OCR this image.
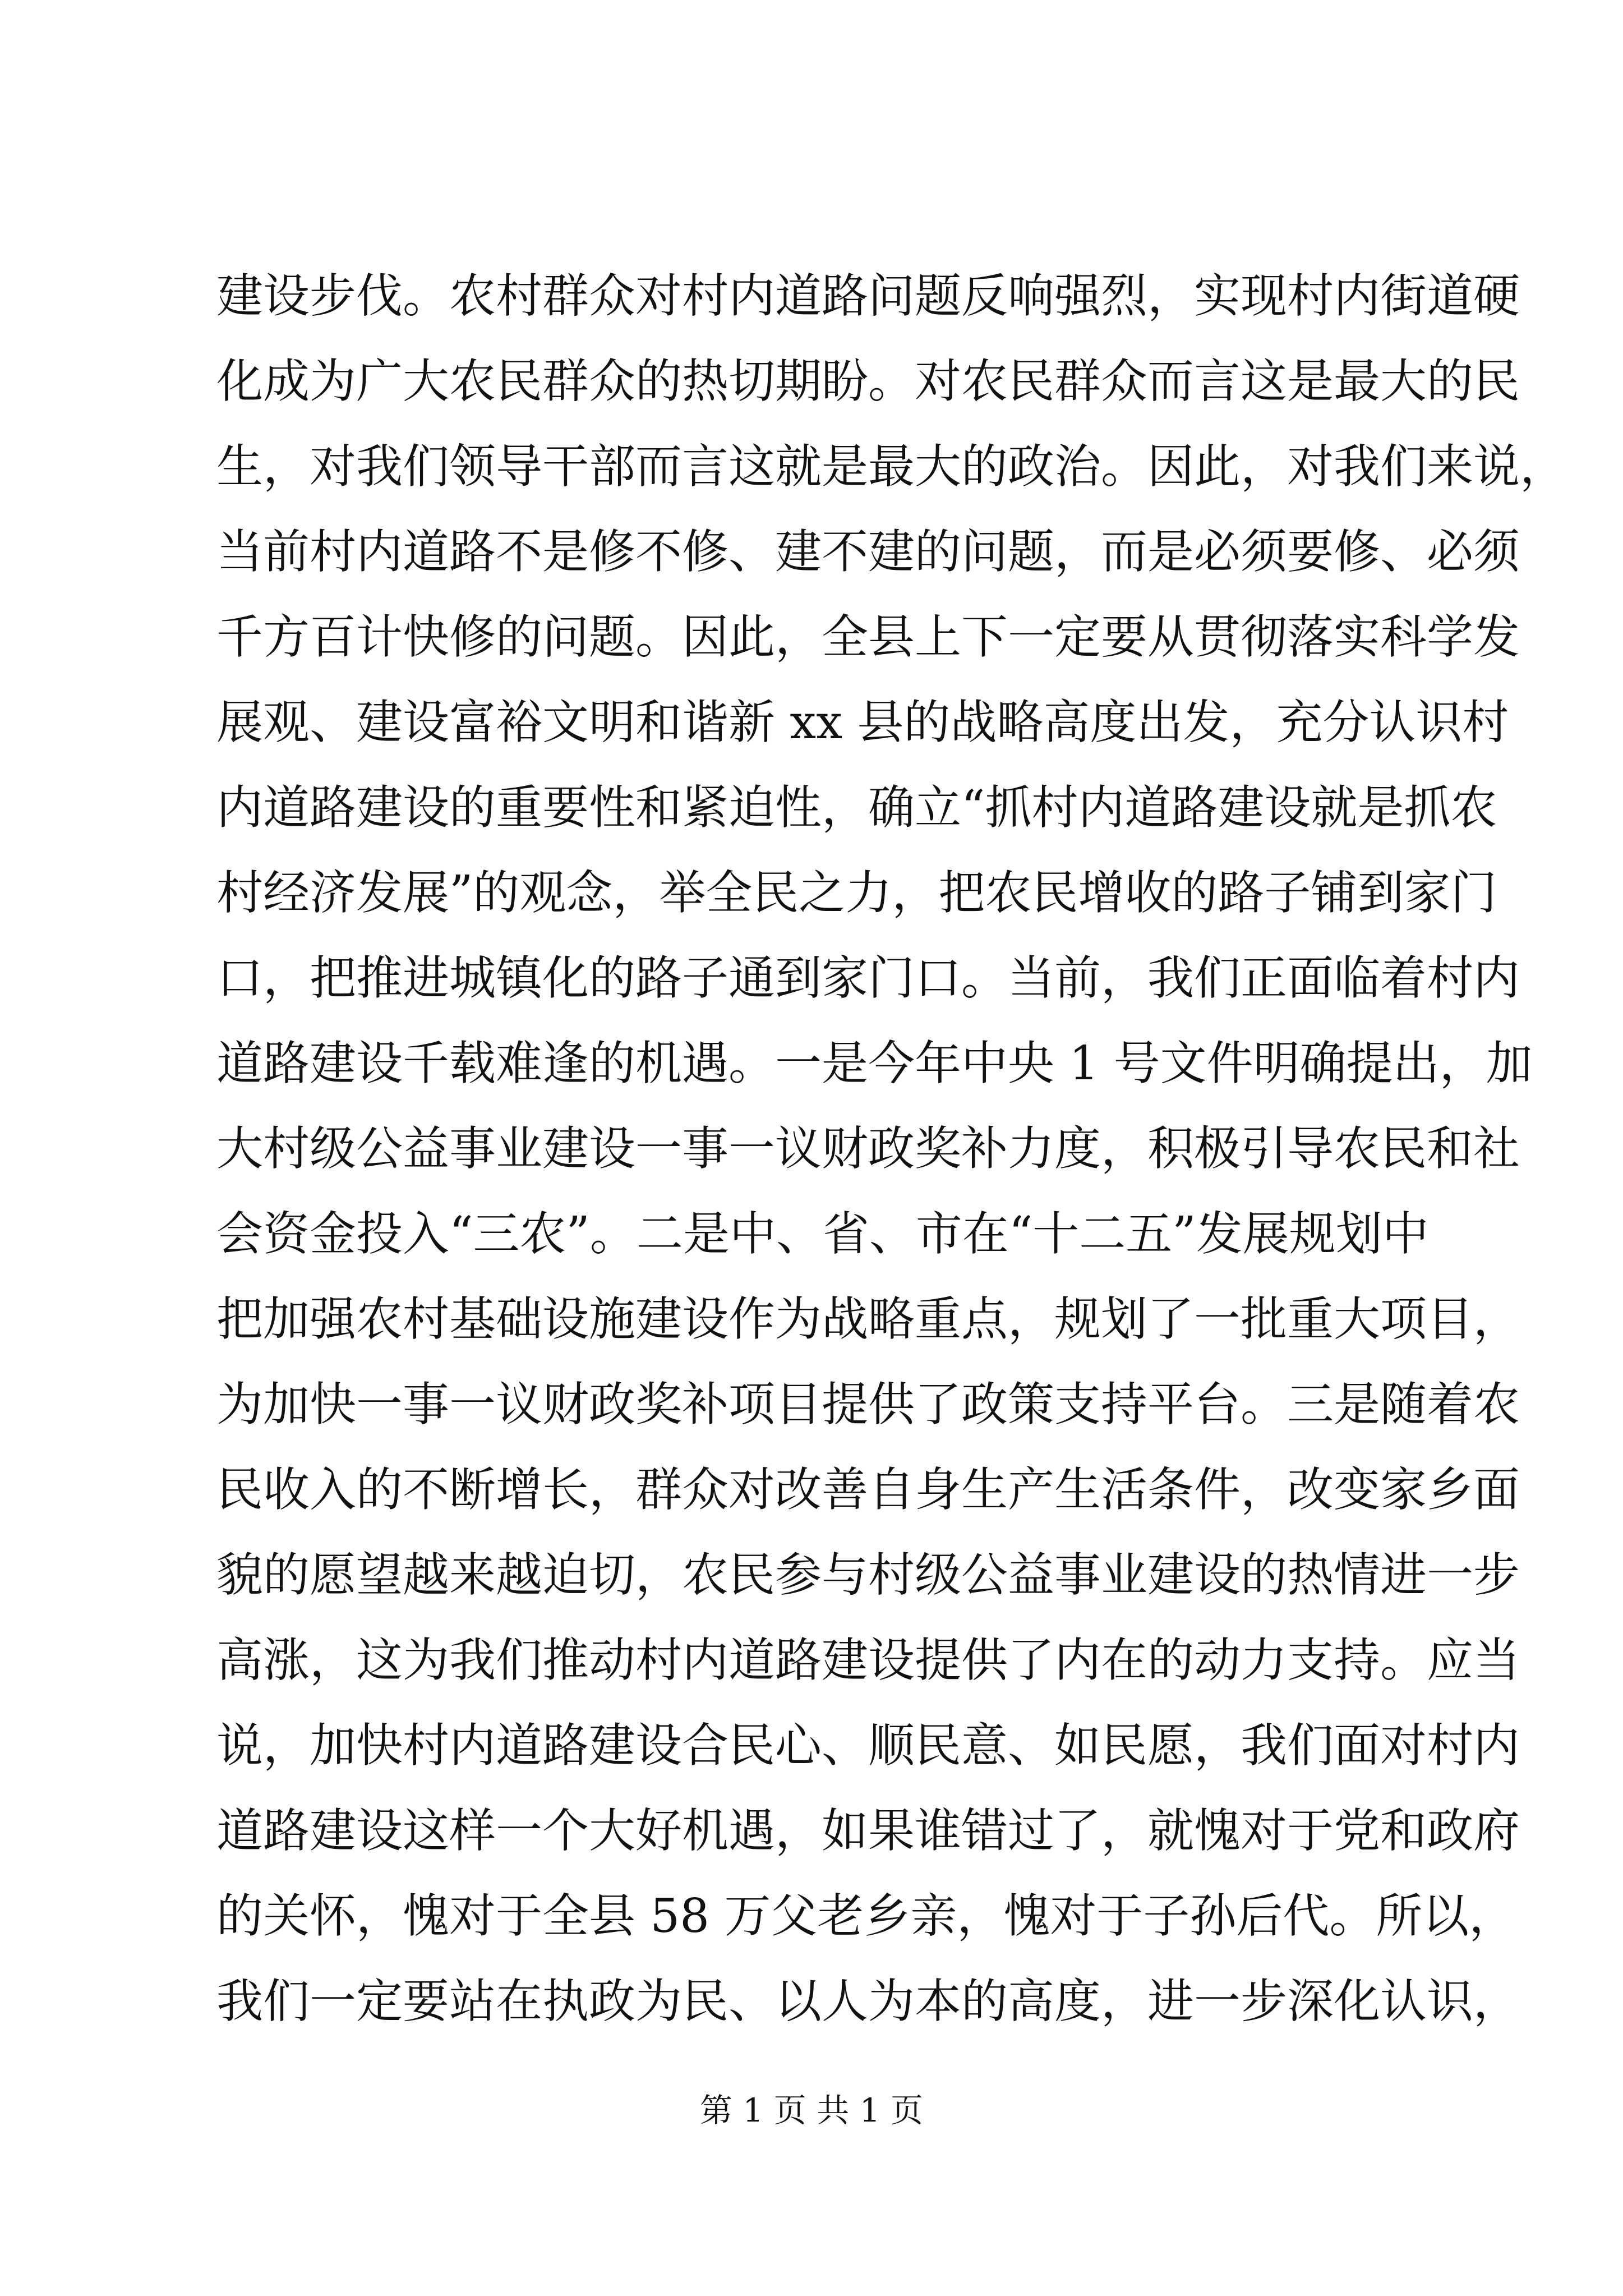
建设步伐。农村群众对村内道路问题反响强烈，实现村内街道硬
化成为广大农民群众的热切期盼。对农民群众而言这是最大的民
生，对我们领导干部而言这就是最大的政治。因此，对我们来说，
当前村内道路不是修不修、建不建的问题，而是必须要修、必须
千方百计快修的问题。因此，全县上下一定要从贯彻落实科学发
展观、建设富裕文明和谐新 xx 县的战略高度出发，充分认识村
内道路建设的重要性和紧迫性，确立“抓村内道路建设就是抓农
村经济发展”的观念，举全民之力，把农民增收的路子铺到家门
口，把推进城镇化的路子通到家门口。当前，我们正面临着村内
道路建设千载难逢的机遇。一是今年中央 1 号文件明确提出，加
大村级公益事业建设一事一议财政奖补力度，积极引导农民和社
会资金投入“三农”。二是中、省、市在“十二五”发展规划中
把加强农村基础设施建设作为战略重点，规划了一批重大项目，
为加快一事一议财政奖补项目提供了政策支持平台。三是随着农
民收入的不断增长，群众对改善自身生产生活条件，改变家乡面
貌的愿望越来越迫切，农民参与村级公益事业建设的热情进一步
高涨，这为我们推动村内道路建设提供了内在的动力支持。应当
说，加快村内道路建设合民心、顺民意、如民愿，我们面对村内
道路建设这样一个大好机遇，如果谁错过了，就愧对于党和政府
的关怀，愧对于全县 58 万父老乡亲，愧对于子孙后代。所以，
我们一定要站在执政为民、以人为本的高度，进一步深化认识，
第 1 页 共 1 页
